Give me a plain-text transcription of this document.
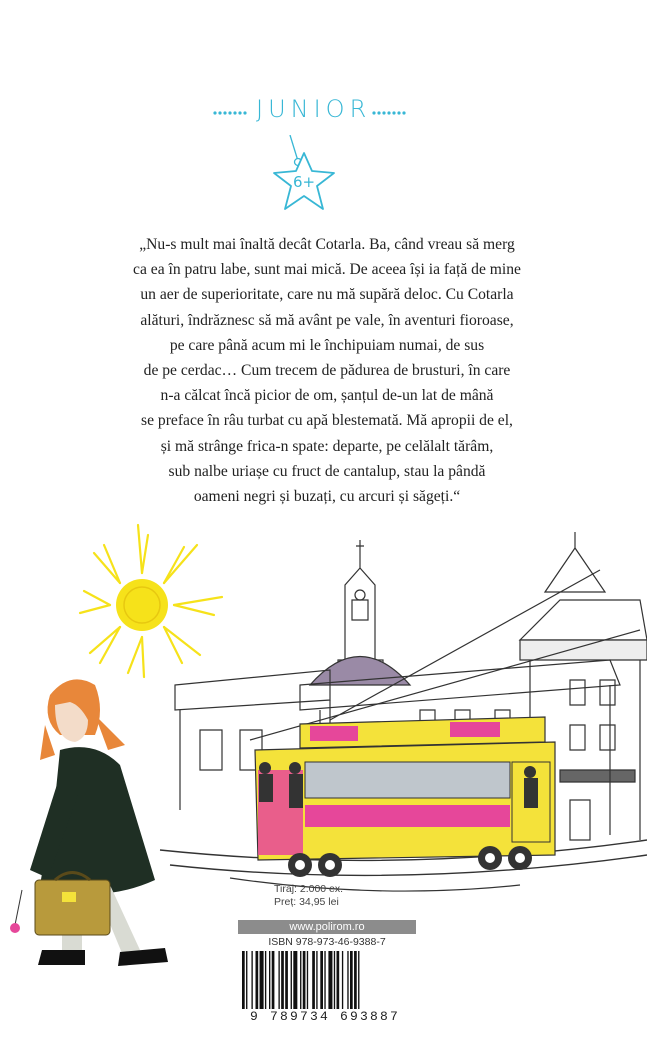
JUNIOR
6+
„Nu-s mult mai înaltă decât Cotarla. Ba, când vreau să merg
ca ea în patru labe, sunt mai mică. De aceea își ia față de mine
un aer de superioritate, care nu mă supără deloc. Cu Cotarla
alături, îndrăznesc să mă avânt pe vale, în aventuri fioroase,
pe care până acum mi le închipuiam numai, de sus
de pe cerdac… Cum trecem de pădurea de brusturi, în care
n-a călcat încă picior de om, șanțul de-un lat de mână
se preface în râu turbat cu apă blestemată. Mă apropii de el,
și mă strânge frica-n spate: departe, pe celălalt tărâm,
sub nalbe uriașe cu fruct de cantalup, stau la pândă
oameni negri și buzați, cu arcuri și săgeți.“
Tiraj: 2.000 ex.
Preț: 34,95 lei
www.polirom.ro
ISBN 978-973-46-9388-7
9 789734 693887
